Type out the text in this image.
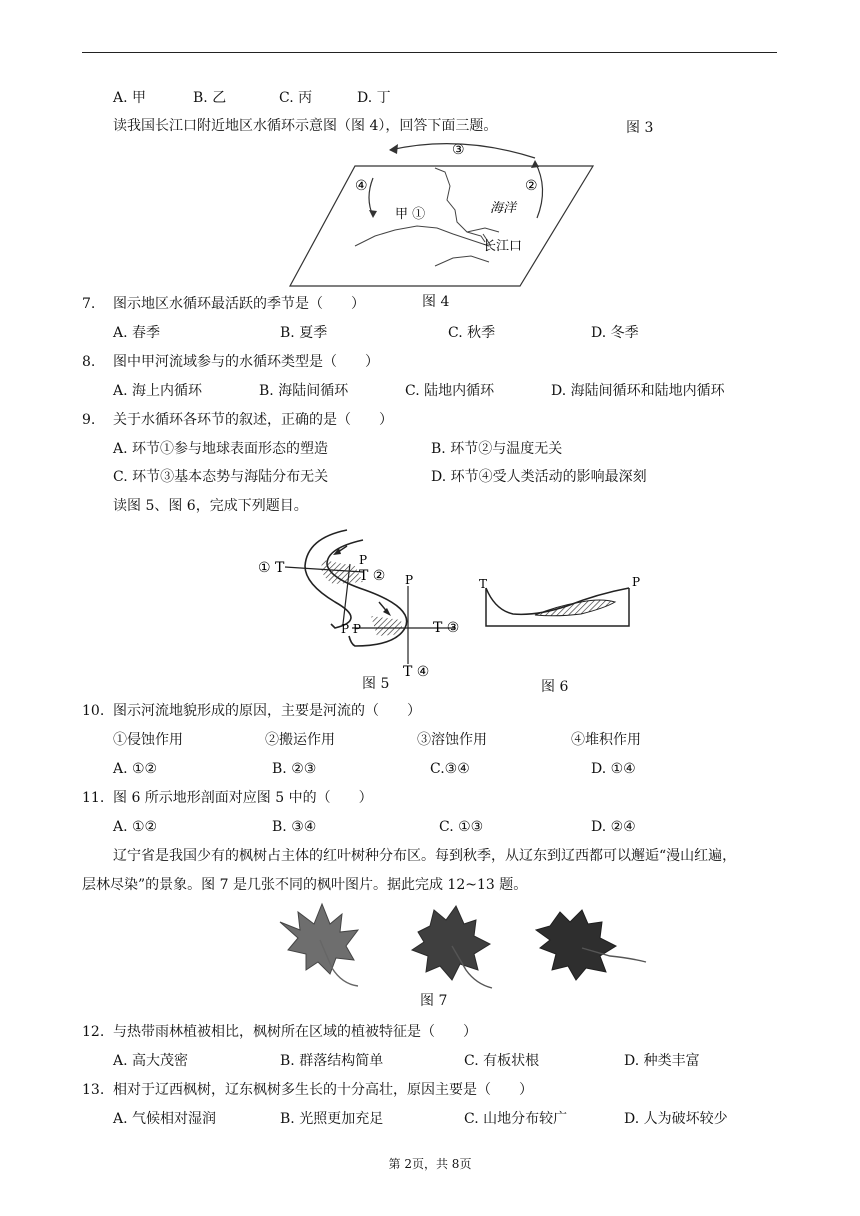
A. 甲	B. 乙	C. 丙	D. 丁
读我国长江口附近地区水循环示意图（图 4），回答下面三题。	图 3
③
④	②
甲 ①	海洋
长江口
7. 图示地区水循环最活跃的季节是（　　）	图 4
A. 春季	B. 夏季	C. 秋季	D. 冬季
8. 图中甲河流域参与的水循环类型是（　　）
A. 海上内循环	B. 海陆间循环	C. 陆地内循环	D. 海陆间循环和陆地内循环
9. 关于水循环各环节的叙述，正确的是（　　）
A. 环节①参与地球表面形态的塑造	B. 环节②与温度无关
C. 环节③基本态势与海陆分布无关	D. 环节④受人类活动的影响最深刻
读图 5、图 6，完成下列题目。
① T	P
T ② P
P P	T ③
T ④
T	P
图 5	图 6
10. 图示河流地貌形成的原因，主要是河流的（　　）
①侵蚀作用	②搬运作用	③溶蚀作用	④堆积作用
A. ①②	B. ②③	C.③④	D. ①④
11. 图 6 所示地形剖面对应图 5 中的（　　）
A. ①②	B. ③④	C. ①③	D. ②④
辽宁省是我国少有的枫树占主体的红叶树种分布区。每到秋季，从辽东到辽西都可以邂逅“漫山红遍，
层林尽染”的景象。图 7 是几张不同的枫叶图片。据此完成 12~13 题。
图 7
12. 与热带雨林植被相比，枫树所在区域的植被特征是（　　）
A. 高大茂密	B. 群落结构简单	C. 有板状根	D. 种类丰富
13. 相对于辽西枫树，辽东枫树多生长的十分高壮，原因主要是（　　）
A. 气候相对湿润	B. 光照更加充足	C. 山地分布较广	D. 人为破坏较少
第 2页，共 8页
